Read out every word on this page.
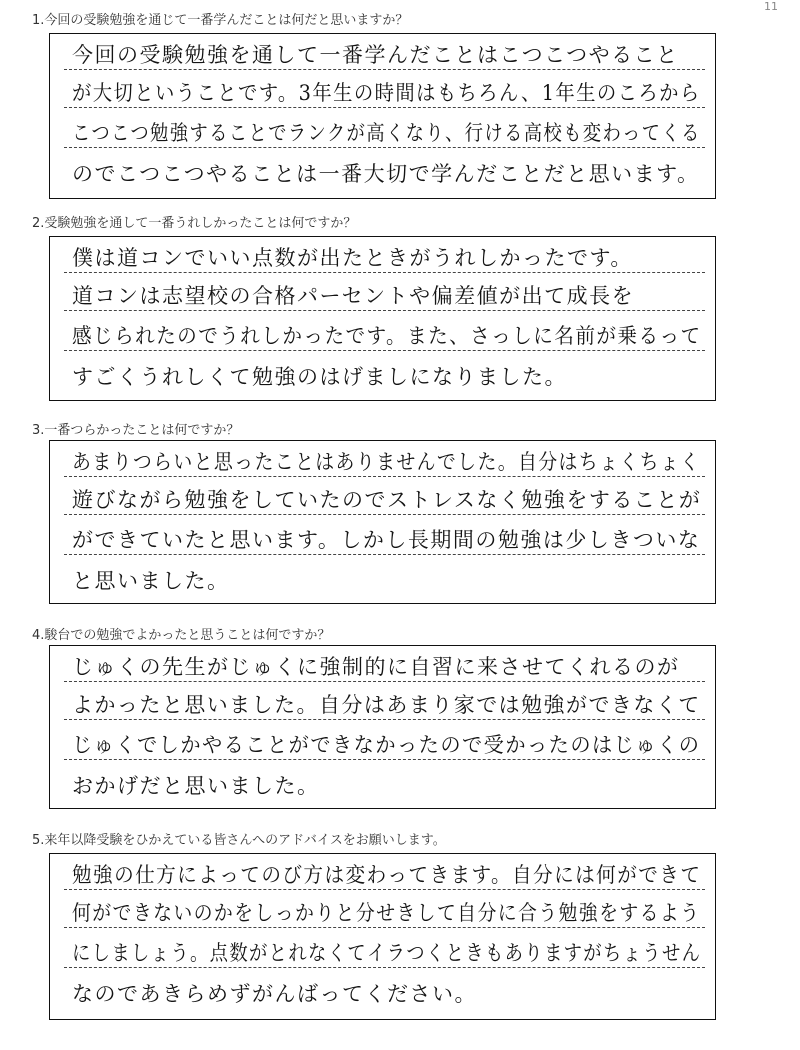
11
1.今回の受験勉強を通じて一番学んだことは何だと思いますか？
今回の受験勉強を通して一番学んだことはこつこつやること
が大切ということです。3年生の時間はもちろん、1年生のころから
こつこつ勉強することでランクが高くなり、行ける高校も変わってくる
のでこつこつやることは一番大切で学んだことだと思います。
2.受験勉強を通して一番うれしかったことは何ですか？
僕は道コンでいい点数が出たときがうれしかったです。
道コンは志望校の合格パーセントや偏差値が出て成長を
感じられたのでうれしかったです。また、さっしに名前が乗るって
すごくうれしくて勉強のはげましになりました。
3.一番つらかったことは何ですか？
あまりつらいと思ったことはありませんでした。自分はちょくちょく
遊びながら勉強をしていたのでストレスなく勉強をすることが
ができていたと思います。しかし長期間の勉強は少しきついな
と思いました。
4.駿台での勉強でよかったと思うことは何ですか？
じゅくの先生がじゅくに強制的に自習に来させてくれるのが
よかったと思いました。自分はあまり家では勉強ができなくて
じゅくでしかやることができなかったので受かったのはじゅくの
おかげだと思いました。
5.来年以降受験をひかえている皆さんへのアドバイスをお願いします。
勉強の仕方によってのび方は変わってきます。自分には何ができて
何ができないのかをしっかりと分せきして自分に合う勉強をするよう
にしましょう。点数がとれなくてイラつくときもありますがちょうせん
なのであきらめずがんばってください。
